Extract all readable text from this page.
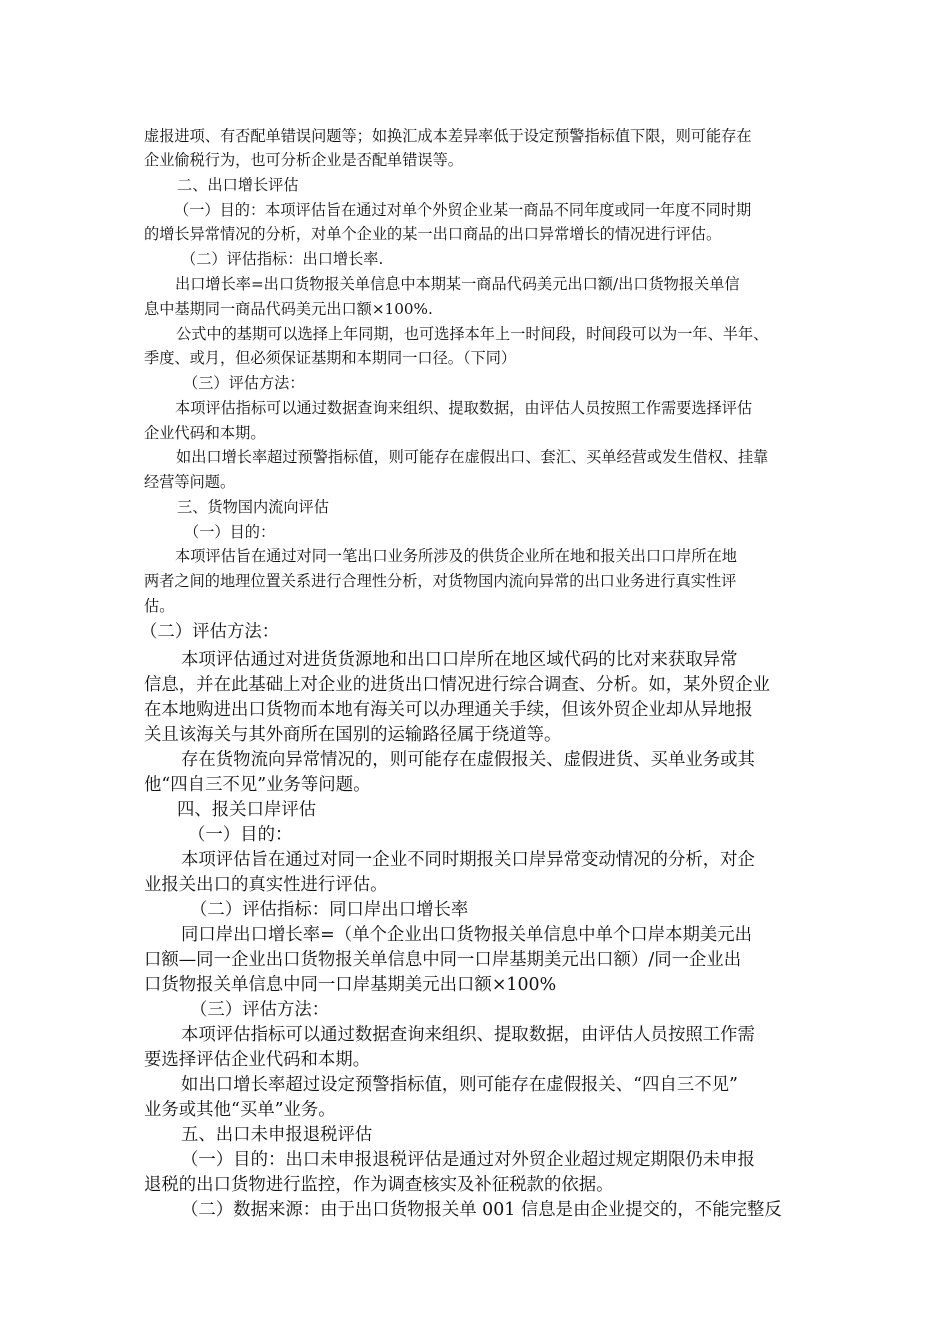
虚报进项、有否配单错误问题等；如换汇成本差异率低于设定预警指标值下限，则可能存在
企业偷税行为，也可分析企业是否配单错误等。
二、出口增长评估
（一）目的：本项评估旨在通过对单个外贸企业某一商品不同年度或同一年度不同时期
的增长异常情况的分析，对单个企业的某一出口商品的出口异常增长的情况进行评估。
（二）评估指标：出口增长率.
出口增长率=出口货物报关单信息中本期某一商品代码美元出口额/出口货物报关单信
息中基期同一商品代码美元出口额×100%.
公式中的基期可以选择上年同期，也可选择本年上一时间段，时间段可以为一年、半年、
季度、或月，但必须保证基期和本期同一口径。（下同）
（三）评估方法：
本项评估指标可以通过数据查询来组织、提取数据，由评估人员按照工作需要选择评估
企业代码和本期。
如出口增长率超过预警指标值，则可能存在虚假出口、套汇、买单经营或发生借权、挂靠
经营等问题。
三、货物国内流向评估
（一）目的：
本项评估旨在通过对同一笔出口业务所涉及的供货企业所在地和报关出口口岸所在地
两者之间的地理位置关系进行合理性分析，对货物国内流向异常的出口业务进行真实性评
估。
（二）评估方法：
本项评估通过对进货货源地和出口口岸所在地区域代码的比对来获取异常
信息，并在此基础上对企业的进货出口情况进行综合调查、分析。如，某外贸企业
在本地购进出口货物而本地有海关可以办理通关手续，但该外贸企业却从异地报
关且该海关与其外商所在国别的运输路径属于绕道等。
存在货物流向异常情况的，则可能存在虚假报关、虚假进货、买单业务或其
他“四自三不见”业务等问题。
四、报关口岸评估
（一）目的：
本项评估旨在通过对同一企业不同时期报关口岸异常变动情况的分析，对企
业报关出口的真实性进行评估。
（二）评估指标：同口岸出口增长率
同口岸出口增长率=（单个企业出口货物报关单信息中单个口岸本期美元出
口额—同一企业出口货物报关单信息中同一口岸基期美元出口额）/同一企业出
口货物报关单信息中同一口岸基期美元出口额×100%
（三）评估方法：
本项评估指标可以通过数据查询来组织、提取数据，由评估人员按照工作需
要选择评估企业代码和本期。
如出口增长率超过设定预警指标值，则可能存在虚假报关、“四自三不见”
业务或其他“买单”业务。
五、出口未申报退税评估
（一）目的：出口未申报退税评估是通过对外贸企业超过规定期限仍未申报
退税的出口货物进行监控，作为调查核实及补征税款的依据。
（二）数据来源：由于出口货物报关单 001 信息是由企业提交的，不能完整反
